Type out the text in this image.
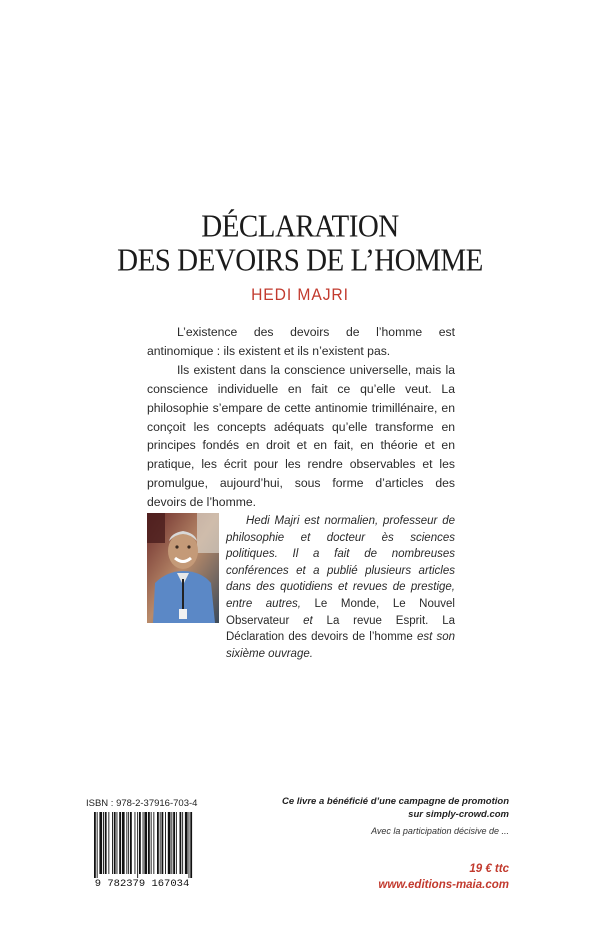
DÉCLARATION
DES DEVOIRS DE L’HOMME
HEDI MAJRI

L’existence des devoirs de l’homme est antinomique : ils existent et ils n’existent pas.

Ils existent dans la conscience universelle, mais la conscience individuelle en fait ce qu’elle veut. La philosophie s’empare de cette antinomie trimillénaire, en conçoit les concepts adéquats qu’elle transforme en principes fondés en droit et en fait, en théorie et en pratique, les écrit pour les rendre observables et les promulgue, aujourd’hui, sous forme d’articles des devoirs de l’homme.

Hedi Majri est normalien, professeur de philosophie et docteur ès sciences politiques. Il a fait de nombreuses conférences et a publié plusieurs articles dans des quotidiens et revues de prestige, entre autres, Le Monde, Le Nouvel Observateur et La revue Esprit. La Déclaration des devoirs de l’homme est son sixième ouvrage.

ISBN : 978-2-37916-703-4
9 782379 167034
Ce livre a bénéficié d’une campagne de promotion
sur simply-crowd.com
Avec la participation décisive de ...
19 € ttc
www.editions-maia.com
